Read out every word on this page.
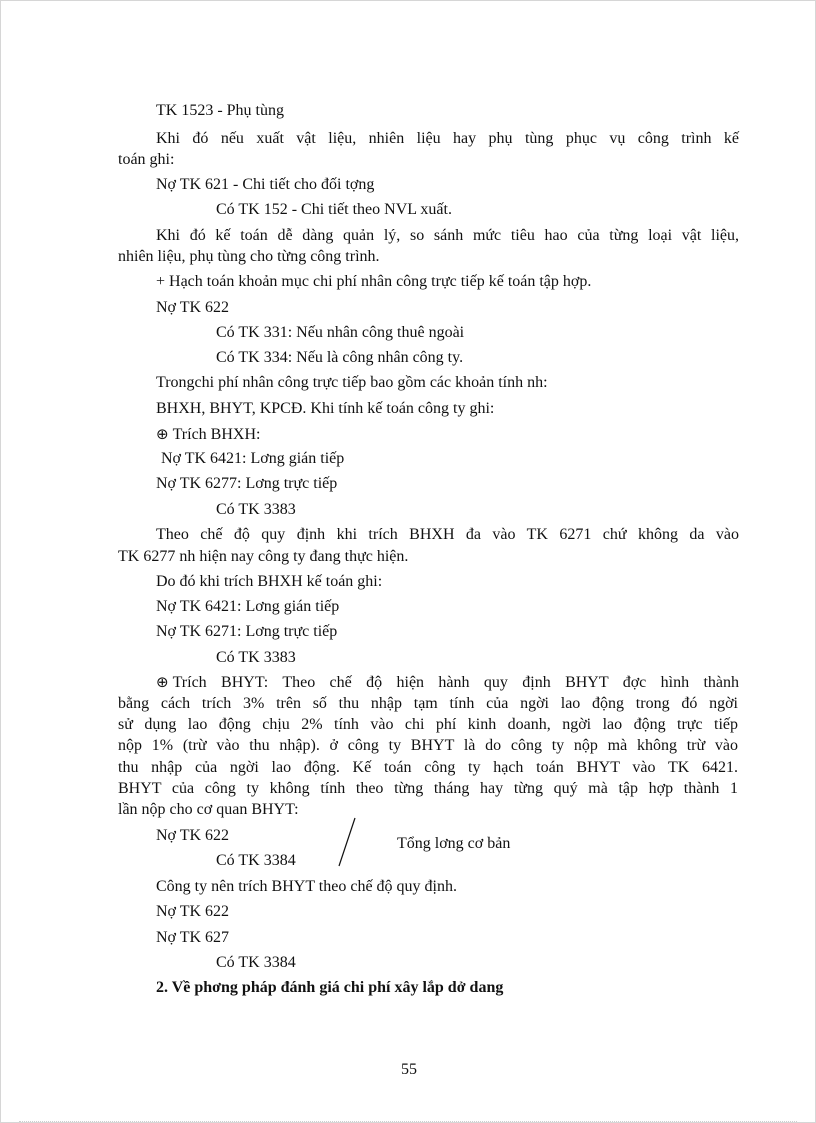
TK 1523 - Phụ tùng
Khi đó nếu xuất vật liệu, nhiên liệu hay phụ tùng phục vụ công trình kế
toán ghi:
Nợ TK 621 - Chi tiết cho đối tợng
Có TK 152 - Chi tiết theo NVL xuất.
Khi đó kế toán dễ dàng quản lý, so sánh mức tiêu hao của từng loại vật liệu,
nhiên liệu, phụ tùng cho từng công trình.
+ Hạch toán khoản mục chi phí nhân công trực tiếp kế toán tập hợp.
Nợ TK 622
Có TK 331: Nếu nhân công thuê ngoài
Có TK 334: Nếu là công nhân công ty.
Trongchi phí nhân công trực tiếp bao gồm các khoản tính nh:
BHXH, BHYT, KPCĐ. Khi tính kế toán công ty ghi:
⊕ Trích BHXH:
Nợ TK 6421: Lơng gián tiếp
Nợ TK 6277: Lơng trực tiếp
Có TK 3383
Theo chế độ quy định khi trích BHXH đa vào TK 6271 chứ không da vào
TK 6277 nh hiện nay công ty đang thực hiện.
Do đó khi trích BHXH kế toán ghi:
Nợ TK 6421: Lơng gián tiếp
Nợ TK 6271: Lơng trực tiếp
Có TK 3383
⊕ Trích BHYT: Theo chế độ hiện hành quy định BHYT đợc hình thành
bằng cách trích 3% trên số thu nhập tạm tính của ngời lao động trong đó ngời
sử dụng lao động chịu 2% tính vào chi phí kinh doanh, ngời lao động trực tiếp
nộp 1% (trừ vào thu nhập). ở công ty BHYT là do công ty nộp mà không trừ vào
thu nhập của ngời lao động. Kế toán công ty hạch toán BHYT vào TK 6421.
BHYT của công ty không tính theo từng tháng hay từng quý mà tập hợp thành 1
lần nộp cho cơ quan BHYT:
Nợ TK 622
Có TK 3384
Tổng lơng cơ bản
Công ty nên trích BHYT theo chế độ quy định.
Nợ TK 622
Nợ TK 627
Có TK 3384
2. Về phơng pháp đánh giá chi phí xây lắp dở dang
55
